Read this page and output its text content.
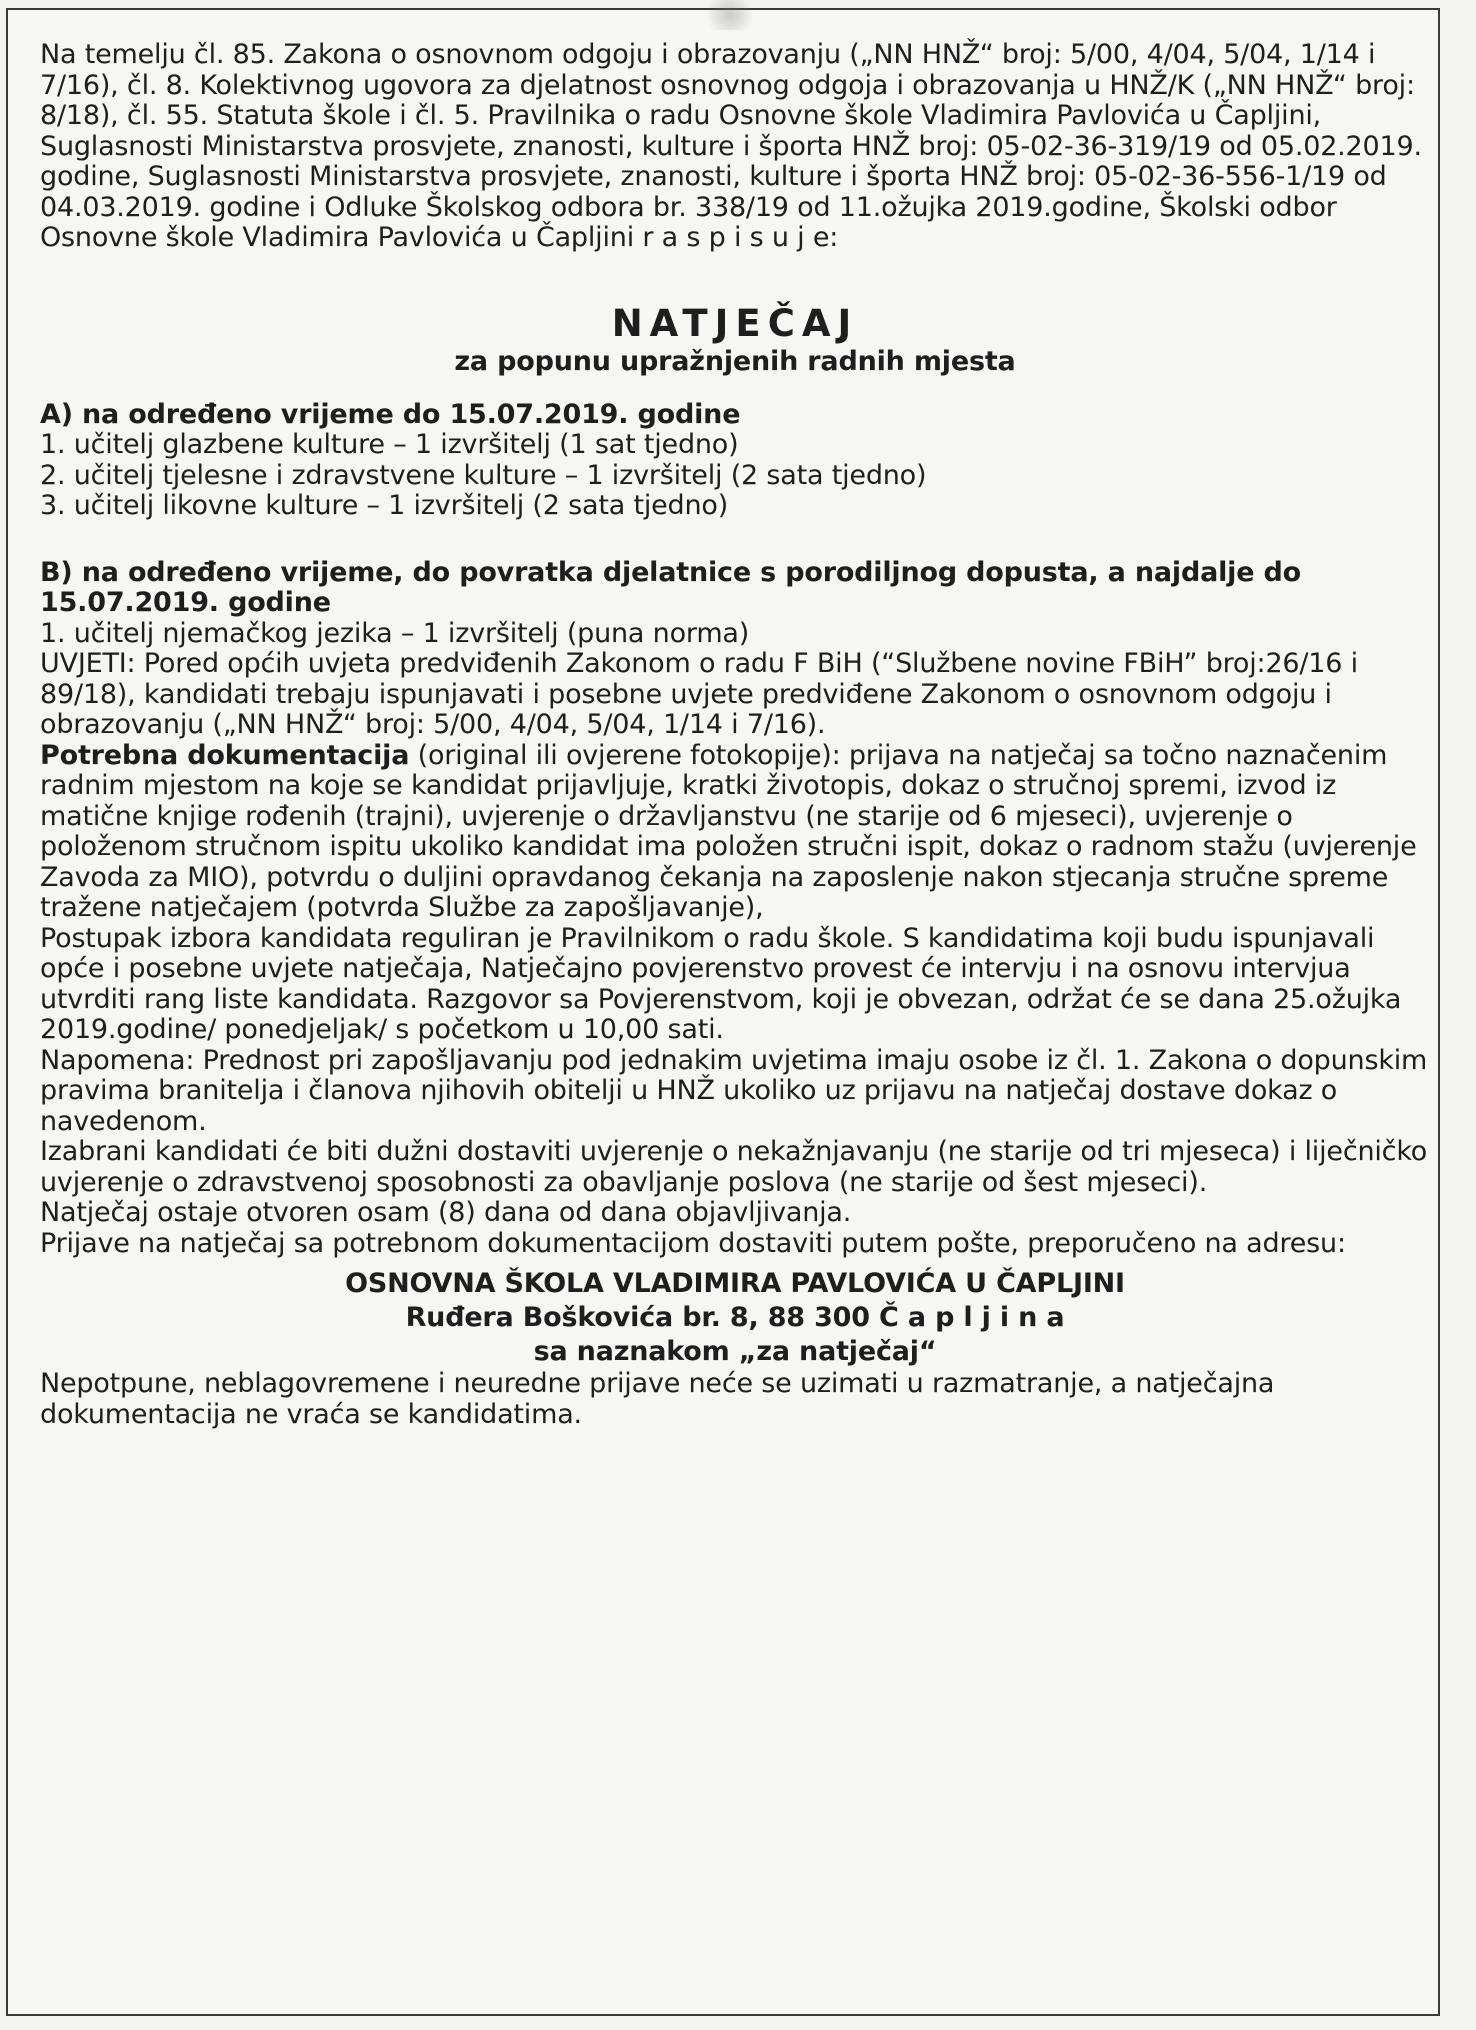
Na temelju čl. 85. Zakona o osnovnom odgoju i obrazovanju („NN HNŽ“ broj: 5/00, 4/04, 5/04, 1/14 i 7/16), čl. 8. Kolektivnog ugovora za djelatnost osnovnog odgoja i obrazovanja u HNŽ/K („NN HNŽ“ broj: 8/18), čl. 55. Statuta škole i čl. 5. Pravilnika o radu Osnovne škole Vladimira Pavlovića u Čapljini, Suglasnosti Ministarstva prosvjete, znanosti, kulture i športa HNŽ broj: 05-02-36-319/19 od 05.02.2019. godine, Suglasnosti Ministarstva prosvjete, znanosti, kulture i športa HNŽ broj: 05-02-36-556-1/19 od 04.03.2019. godine i Odluke Školskog odbora br. 338/19 od 11.ožujka 2019.godine, Školski odbor Osnovne škole Vladimira Pavlovića u Čapljini r a s p i s u j e:

NATJEČAJ
za popunu upražnjenih radnih mjesta

A) na određeno vrijeme do 15.07.2019. godine

1. učitelj glazbene kulture – 1 izvršitelj (1 sat tjedno)

2. učitelj tjelesne i zdravstvene kulture – 1 izvršitelj (2 sata tjedno)

3. učitelj likovne kulture – 1 izvršitelj (2 sata tjedno)

B) na određeno vrijeme, do povratka djelatnice s porodiljnog dopusta, a najdalje do 15.07.2019. godine

1. učitelj njemačkog jezika – 1 izvršitelj (puna norma)

UVJETI: Pored općih uvjeta predviđenih Zakonom o radu F BiH (“Službene novine FBiH” broj:26/16 i 89/18), kandidati trebaju ispunjavati i posebne uvjete predviđene Zakonom o osnovnom odgoju i obrazovanju („NN HNŽ“ broj: 5/00, 4/04, 5/04, 1/14 i 7/16).

Potrebna dokumentacija (original ili ovjerene fotokopije): prijava na natječaj sa točno naznačenim radnim mjestom na koje se kandidat prijavljuje, kratki životopis, dokaz o stručnoj spremi, izvod iz matične knjige rođenih (trajni), uvjerenje o državljanstvu (ne starije od 6 mjeseci), uvjerenje o položenom stručnom ispitu ukoliko kandidat ima položen stručni ispit, dokaz o radnom stažu (uvjerenje Zavoda za MIO), potvrdu o duljini opravdanog čekanja na zaposlenje nakon stjecanja stručne spreme tražene natječajem (potvrda Službe za zapošljavanje),

Postupak izbora kandidata reguliran je Pravilnikom o radu škole. S kandidatima koji budu ispunjavali opće i posebne uvjete natječaja, Natječajno povjerenstvo provest će intervju i na osnovu intervjua utvrditi rang liste kandidata. Razgovor sa Povjerenstvom, koji je obvezan, održat će se dana 25.ožujka 2019.godine/ ponedjeljak/ s početkom u 10,00 sati.

Napomena: Prednost pri zapošljavanju pod jednakim uvjetima imaju osobe iz čl. 1. Zakona o dopunskim pravima branitelja i članova njihovih obitelji u HNŽ ukoliko uz prijavu na natječaj dostave dokaz o navedenom.

Izabrani kandidati će biti dužni dostaviti uvjerenje o nekažnjavanju (ne starije od tri mjeseca) i liječničko uvjerenje o zdravstvenoj sposobnosti za obavljanje poslova (ne starije od šest mjeseci).

Natječaj ostaje otvoren osam (8) dana od dana objavljivanja.

Prijave na natječaj sa potrebnom dokumentacijom dostaviti putem pošte, preporučeno na adresu:

OSNOVNA ŠKOLA VLADIMIRA PAVLOVIĆA U ČAPLJINI

Ruđera Boškovića br. 8, 88 300 Č a p l j i n a

sa naznakom „za natječaj“

Nepotpune, neblagovremene i neuredne prijave neće se uzimati u razmatranje, a natječajna dokumentacija ne vraća se kandidatima.
